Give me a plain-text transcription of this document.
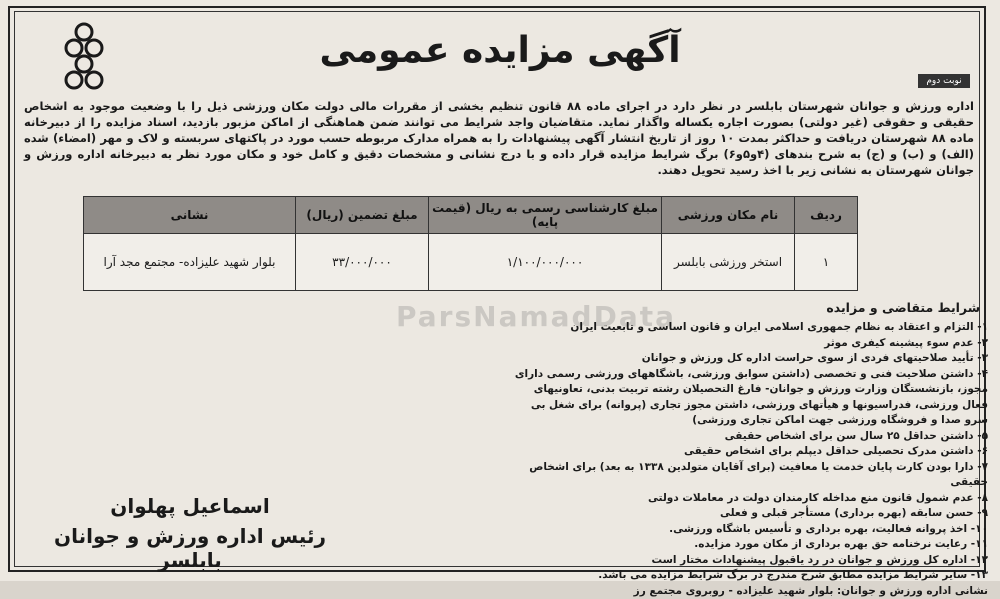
آگهی مزایده عمومی
نوبت دوم
اداره ورزش و جوانان شهرستان بابلسر در نظر دارد در اجرای ماده ۸۸ قانون تنظیم بخشی از مقررات مالی دولت مکان ورزشی ذیل را با وضعیت موجود به اشخاص حقیقی و حقوقی (غیر دولتی) بصورت اجاره یکساله واگذار نماید. متقاضیان واجد شرایط می توانند ضمن هماهنگی از اماکن مزبور بازدید، اسناد مزایده را از دبیرخانه ماده ۸۸ شهرستان دریافت و حداکثر بمدت ۱۰ روز از تاریخ انتشار آگهی پیشنهادات را به همراه مدارک مربوطه حسب مورد در پاکتهای سربسته و لاک و مهر (امضاء) شده (الف) و (ب) و (ج) به شرح بندهای (۴و۵و۶) برگ شرایط مزایده قرار داده و با درج نشانی و مشخصات دقیق و کامل خود و مکان مورد نظر به دبیرخانه اداره ورزش و جوانان شهرستان به نشانی زیر با اخذ رسید تحویل دهند.
ردیف	نام مکان ورزشی	مبلغ کارشناسی رسمی به ریال (قیمت پایه)	مبلغ تضمین (ریال)	نشانی
۱	استخر ورزشی بابلسر	۱/۱۰۰/۰۰۰/۰۰۰	۳۳/۰۰۰/۰۰۰	بلوار شهید علیزاده- مجتمع مجد آرا
ParsNamadData	شرایط متقاضی و مزایده
۱- التزام و اعتقاد به نظام جمهوری اسلامی ایران و قانون اساسی و تابعیت ایران
۲- عدم سوء پیشینه کیفری موثر
۳- تأیید صلاحیتهای فردی از سوی حراست اداره کل ورزش و جوانان
۴- داشتن صلاحیت فنی و تخصصی (داشتن سوابق ورزشی، باشگاههای ورزشی رسمی دارای مجوز، بازنشستگان وزارت ورزش و جوانان- فارغ التحصیلان رشته تربیت بدنی، تعاونیهای فعال ورزشی، فدراسیونها و هیأتهای ورزشی، داشتن مجوز تجاری (پروانه) برای شغل بی سرو صدا و فروشگاه ورزشی جهت اماکن تجاری ورزشی)
۵- داشتن حداقل ۲۵ سال سن برای اشخاص حقیقی
۶- داشتن مدرک تحصیلی حداقل دیپلم برای اشخاص حقیقی
۷- دارا بودن کارت پایان خدمت یا معافیت (برای آقایان متولدین ۱۳۳۸ به بعد) برای اشخاص حقیقی
۸- عدم شمول قانون منع مداخله کارمندان دولت در معاملات دولتی
۹- حسن سابقه (بهره برداری) مستأجر قبلی و فعلی
۱۰- اخذ پروانه فعالیت، بهره برداری و تأسیس باشگاه ورزشی.
۱۱- رعایت نرخنامه حق بهره برداری از مکان مورد مزایده.
۱۲- اداره کل ورزش و جوانان در رد یاقبول پیشنهادات مختار است
۱۳- سایر شرایط مزایده مطابق شرح مندرج در برگ شرایط مزایده می باشد.
نشانی اداره ورزش و جوانان: بلوار شهید علیزاده - روبروی مجتمع رز
اسماعیل پهلوان
رئیس اداره ورزش و جوانان بابلسر
